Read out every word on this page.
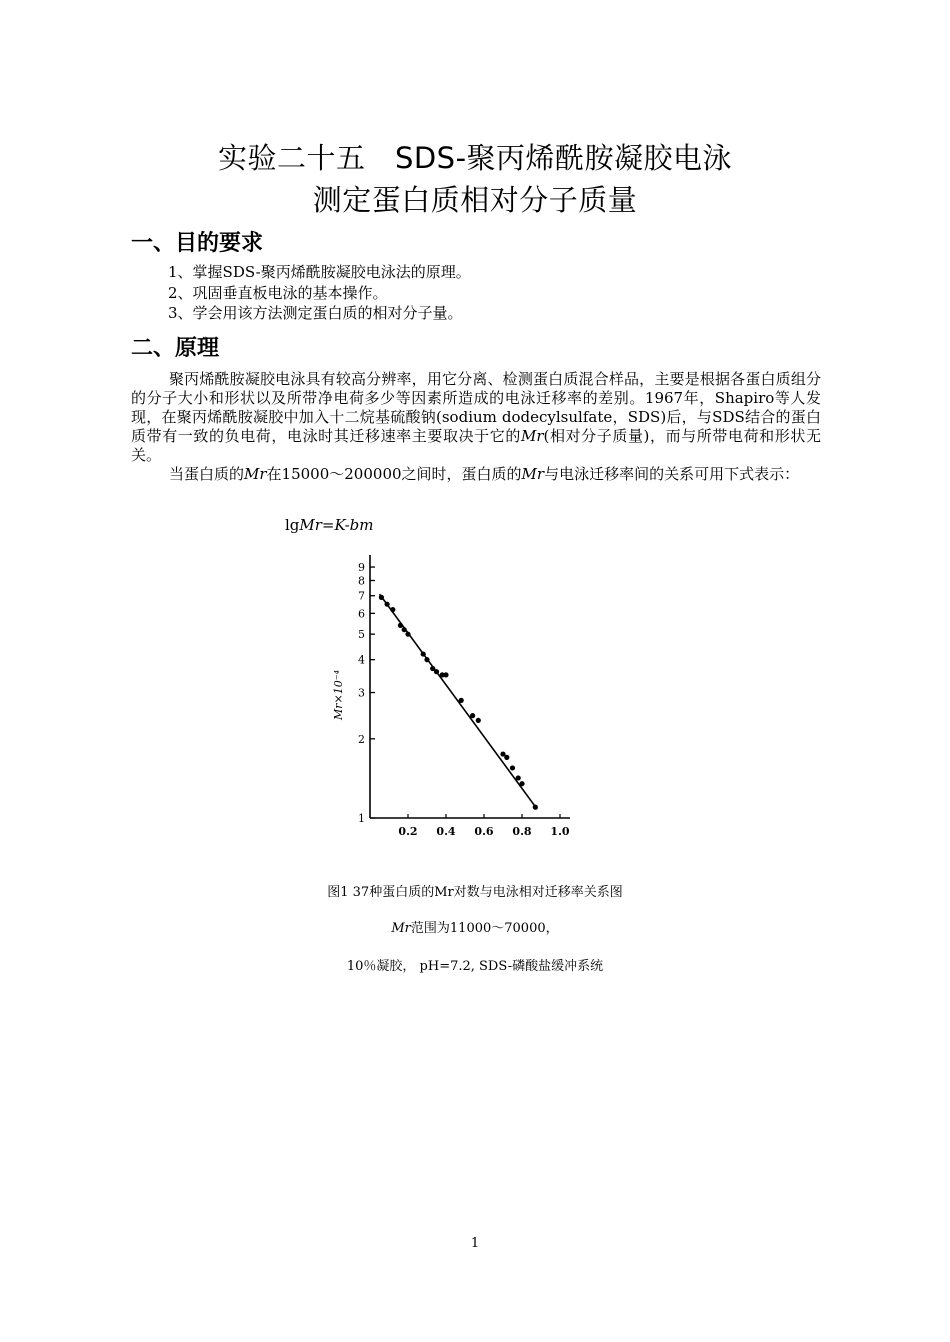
实验二十五　SDS-聚丙烯酰胺凝胶电泳
测定蛋白质相对分子质量
一、目的要求
1、掌握SDS-聚丙烯酰胺凝胶电泳法的原理。
2、巩固垂直板电泳的基本操作。
3、学会用该方法测定蛋白质的相对分子量。
二、原理

聚丙烯酰胺凝胶电泳具有较高分辨率，用它分离、检测蛋白质混合样品，主要是根据各蛋白质组分的分子大小和形状以及所带净电荷多少等因素所造成的电泳迁移率的差别。1967年，Shapiro等人发现，在聚丙烯酰胺凝胶中加入十二烷基硫酸钠(sodium dodecylsulfate，SDS)后，与SDS结合的蛋白质带有一致的负电荷，电泳时其迁移速率主要取决于它的Mr(相对分子质量)，而与所带电荷和形状无关。

当蛋白质的Mr在15000～200000之间时，蛋白质的Mr与电泳迁移率间的关系可用下式表示：

lgMr=K-bm
1
2
3
4
5
6
7
8
9
0.2 0.4 0.6 0.8 1.0
Mr×10⁻⁴
图1 37种蛋白质的Mr对数与电泳相对迁移率关系图
Mr范围为11000～70000，
10％凝胶， pH=7.2, SDS-磷酸盐缓冲系统
1
